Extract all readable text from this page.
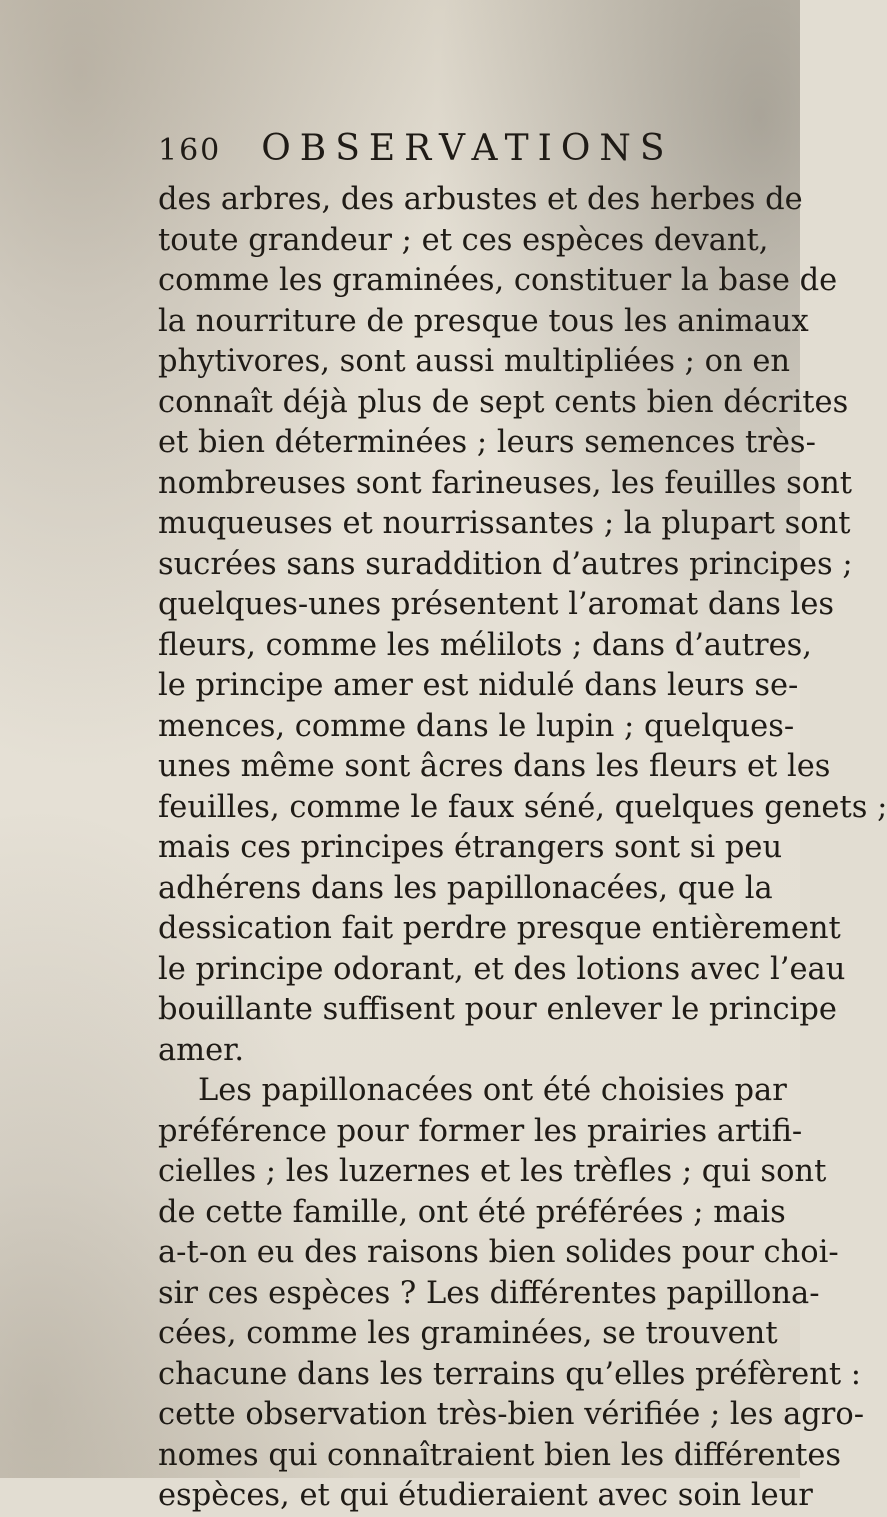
160 OBSERVATIONS
des arbres, des arbustes et des herbes de
toute grandeur ; et ces espèces devant,
comme les graminées, constituer la base de
la nourriture de presque tous les animaux
phytivores, sont aussi multipliées ; on en
connaît déjà plus de sept cents bien décrites
et bien déterminées ; leurs semences très-
nombreuses sont farineuses, les feuilles sont
muqueuses et nourrissantes ; la plupart sont
sucrées sans suraddition d’autres principes ;
quelques-unes présentent l’aromat dans les
fleurs, comme les mélilots ; dans d’autres,
le principe amer est nidulé dans leurs se-
mences, comme dans le lupin ; quelques-
unes même sont âcres dans les fleurs et les
feuilles, comme le faux séné, quelques genets ;
mais ces principes étrangers sont si peu
adhérens dans les papillonacées, que la
dessication fait perdre presque entièrement
le principe odorant, et des lotions avec l’eau
bouillante suffisent pour enlever le principe
amer.
Les papillonacées ont été choisies par
préférence pour former les prairies artifi-
cielles ; les luzernes et les trèfles ; qui sont
de cette famille, ont été préférées ; mais
a-t-on eu des raisons bien solides pour choi-
sir ces espèces ? Les différentes papillona-
cées, comme les graminées, se trouvent
chacune dans les terrains qu’elles préfèrent :
cette observation très-bien vérifiée ; les agro-
nomes qui connaîtraient bien les différentes
espèces, et qui étudieraient avec soin leur
